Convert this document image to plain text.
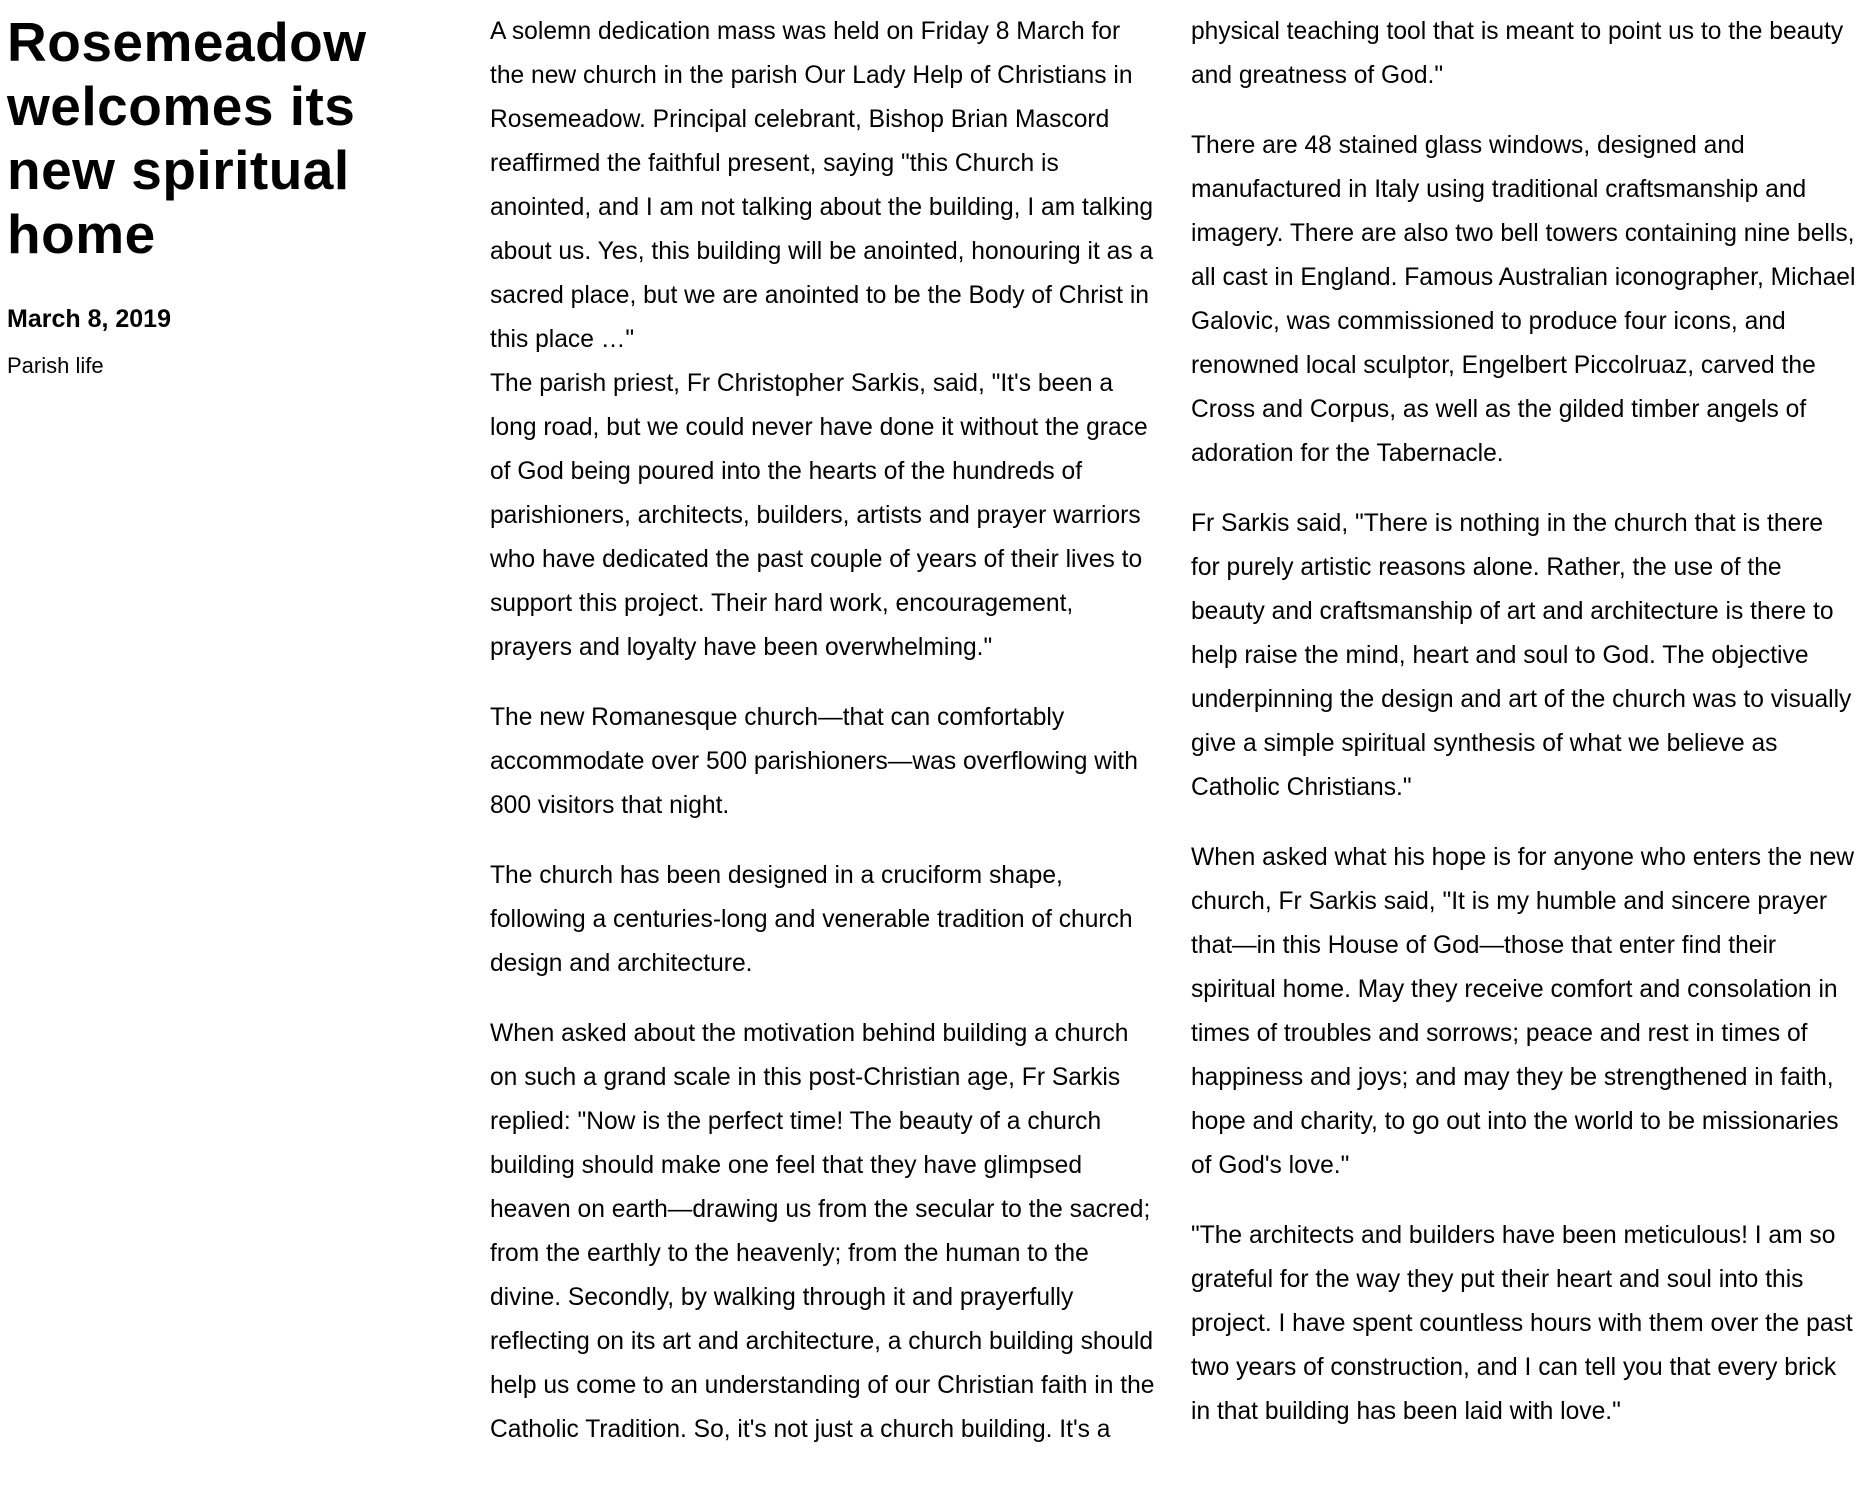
Rosemeadow welcomes its new spiritual home
March 8, 2019
Parish life

A solemn dedication mass was held on Friday 8 March for the new church in the parish Our Lady Help of Christians in Rosemeadow. Principal celebrant, Bishop Brian Mascord reaffirmed the faithful present, saying "this Church is anointed, and I am not talking about the building, I am talking about us. Yes, this building will be anointed, honouring it as a sacred place, but we are anointed to be the Body of Christ in this place …"

The parish priest, Fr Christopher Sarkis, said, "It's been a long road, but we could never have done it without the grace of God being poured into the hearts of the hundreds of parishioners, architects, builders, artists and prayer warriors who have dedicated the past couple of years of their lives to support this project. Their hard work, encouragement, prayers and loyalty have been overwhelming."

The new Romanesque church—that can comfortably accommodate over 500 parishioners—was overflowing with 800 visitors that night.

The church has been designed in a cruciform shape, following a centuries-long and venerable tradition of church design and architecture.

When asked about the motivation behind building a church on such a grand scale in this post-Christian age, Fr Sarkis replied: "Now is the perfect time! The beauty of a church building should make one feel that they have glimpsed heaven on earth—drawing us from the secular to the sacred; from the earthly to the heavenly; from the human to the divine. Secondly, by walking through it and prayerfully reflecting on its art and architecture, a church building should help us come to an understanding of our Christian faith in the Catholic Tradition. So, it's not just a church building. It's a physical teaching tool that is meant to point us to the beauty and greatness of God."

There are 48 stained glass windows, designed and manufactured in Italy using traditional craftsmanship and imagery. There are also two bell towers containing nine bells, all cast in England. Famous Australian iconographer, Michael Galovic, was commissioned to produce four icons, and renowned local sculptor, Engelbert Piccolruaz, carved the Cross and Corpus, as well as the gilded timber angels of adoration for the Tabernacle.

Fr Sarkis said, "There is nothing in the church that is there for purely artistic reasons alone. Rather, the use of the beauty and craftsmanship of art and architecture is there to help raise the mind, heart and soul to God. The objective underpinning the design and art of the church was to visually give a simple spiritual synthesis of what we believe as Catholic Christians."

When asked what his hope is for anyone who enters the new church, Fr Sarkis said, "It is my humble and sincere prayer that—in this House of God—those that enter find their spiritual home. May they receive comfort and consolation in times of troubles and sorrows; peace and rest in times of happiness and joys; and may they be strengthened in faith, hope and charity, to go out into the world to be missionaries of God's love."

"The architects and builders have been meticulous! I am so grateful for the way they put their heart and soul into this project. I have spent countless hours with them over the past two years of construction, and I can tell you that every brick in that building has been laid with love."
